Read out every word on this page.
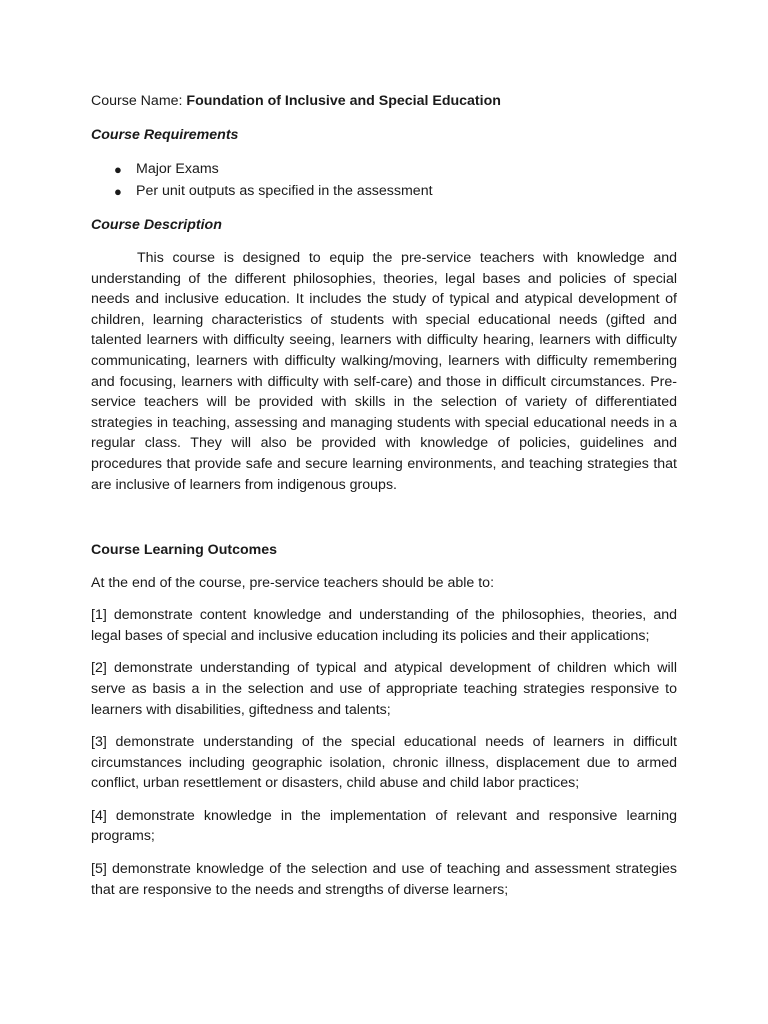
Course Name: Foundation of Inclusive and Special Education

Course Requirements

● Major Exams
● Per unit outputs as specified in the assessment

Course Description

This course is designed to equip the pre-service teachers with knowledge and understanding of the different philosophies, theories, legal bases and policies of special needs and inclusive education. It includes the study of typical and atypical development of children, learning characteristics of students with special educational needs (gifted and talented learners with difficulty seeing, learners with difficulty hearing, learners with difficulty communicating, learners with difficulty walking/moving, learners with difficulty remembering and focusing, learners with difficulty with self-care) and those in difficult circumstances. Pre-service teachers will be provided with skills in the selection of variety of differentiated strategies in teaching, assessing and managing students with special educational needs in a regular class. They will also be provided with knowledge of policies, guidelines and procedures that provide safe and secure learning environments, and teaching strategies that are inclusive of learners from indigenous groups.

Course Learning Outcomes

At the end of the course, pre-service teachers should be able to:

[1] demonstrate content knowledge and understanding of the philosophies, theories, and legal bases of special and inclusive education including its policies and their applications;

[2] demonstrate understanding of typical and atypical development of children which will serve as basis a in the selection and use of appropriate teaching strategies responsive to learners with disabilities, giftedness and talents;

[3] demonstrate understanding of the special educational needs of learners in difficult circumstances including geographic isolation, chronic illness, displacement due to armed conflict, urban resettlement or disasters, child abuse and child labor practices;

[4] demonstrate knowledge in the implementation of relevant and responsive learning programs;

[5] demonstrate knowledge of the selection and use of teaching and assessment strategies that are responsive to the needs and strengths of diverse learners;
